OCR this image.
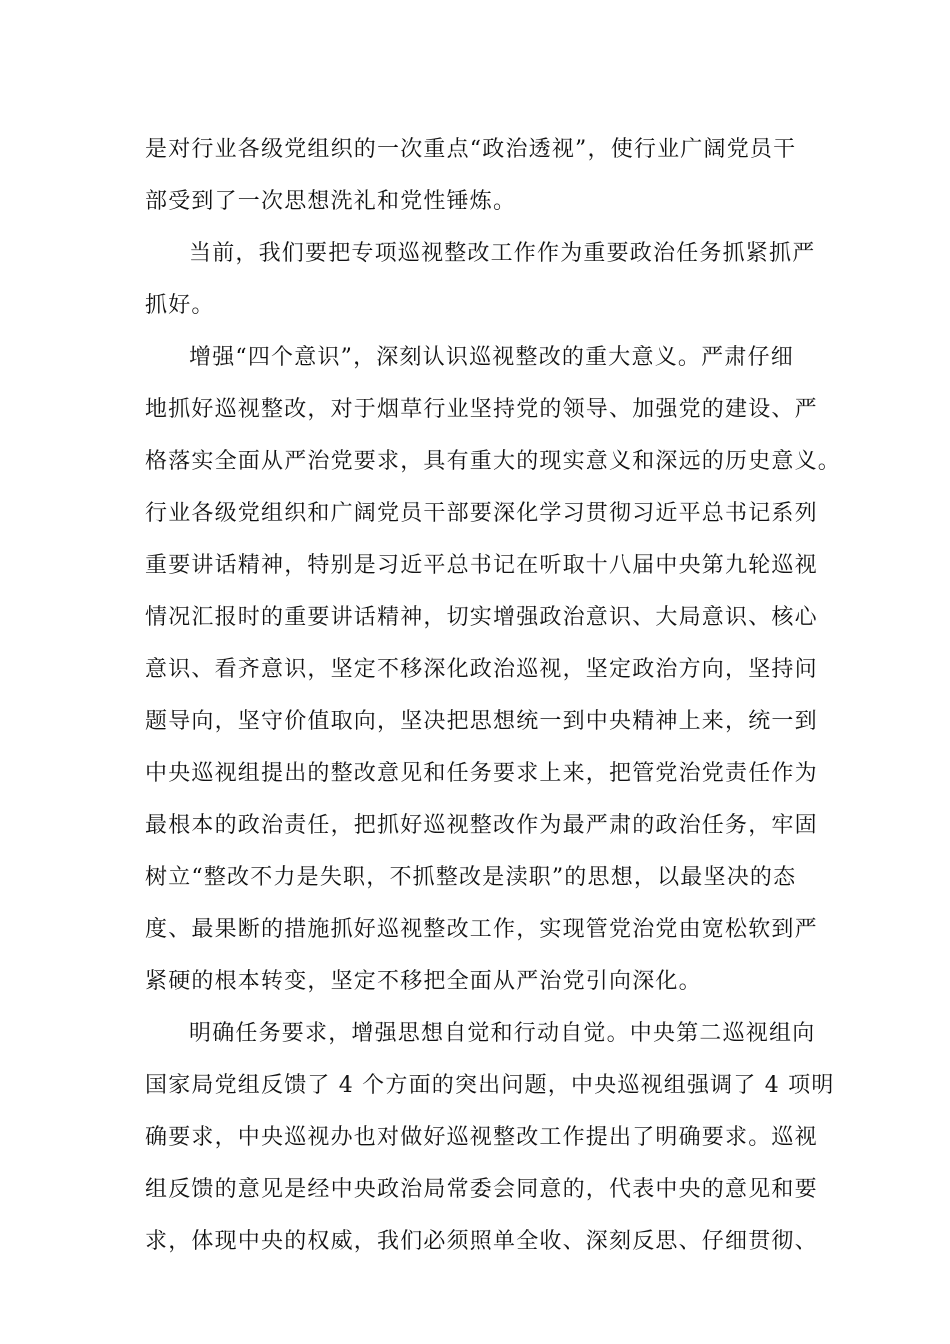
是对行业各级党组织的一次重点“政治透视”，使行业广阔党员干
部受到了一次思想洗礼和党性锤炼。
当前，我们要把专项巡视整改工作作为重要政治任务抓紧抓严
抓好。
增强“四个意识”，深刻认识巡视整改的重大意义。严肃仔细
地抓好巡视整改，对于烟草行业坚持党的领导、加强党的建设、严
格落实全面从严治党要求，具有重大的现实意义和深远的历史意义。
行业各级党组织和广阔党员干部要深化学习贯彻习近平总书记系列
重要讲话精神，特别是习近平总书记在听取十八届中央第九轮巡视
情况汇报时的重要讲话精神，切实增强政治意识、大局意识、核心
意识、看齐意识，坚定不移深化政治巡视，坚定政治方向，坚持问
题导向，坚守价值取向，坚决把思想统一到中央精神上来，统一到
中央巡视组提出的整改意见和任务要求上来，把管党治党责任作为
最根本的政治责任，把抓好巡视整改作为最严肃的政治任务，牢固
树立“整改不力是失职，不抓整改是渎职”的思想，以最坚决的态
度、最果断的措施抓好巡视整改工作，实现管党治党由宽松软到严
紧硬的根本转变，坚定不移把全面从严治党引向深化。
明确任务要求，增强思想自觉和行动自觉。中央第二巡视组向
国家局党组反馈了 4 个方面的突出问题，中央巡视组强调了 4 项明
确要求，中央巡视办也对做好巡视整改工作提出了明确要求。巡视
组反馈的意见是经中央政治局常委会同意的，代表中央的意见和要
求，体现中央的权威，我们必须照单全收、深刻反思、仔细贯彻、
